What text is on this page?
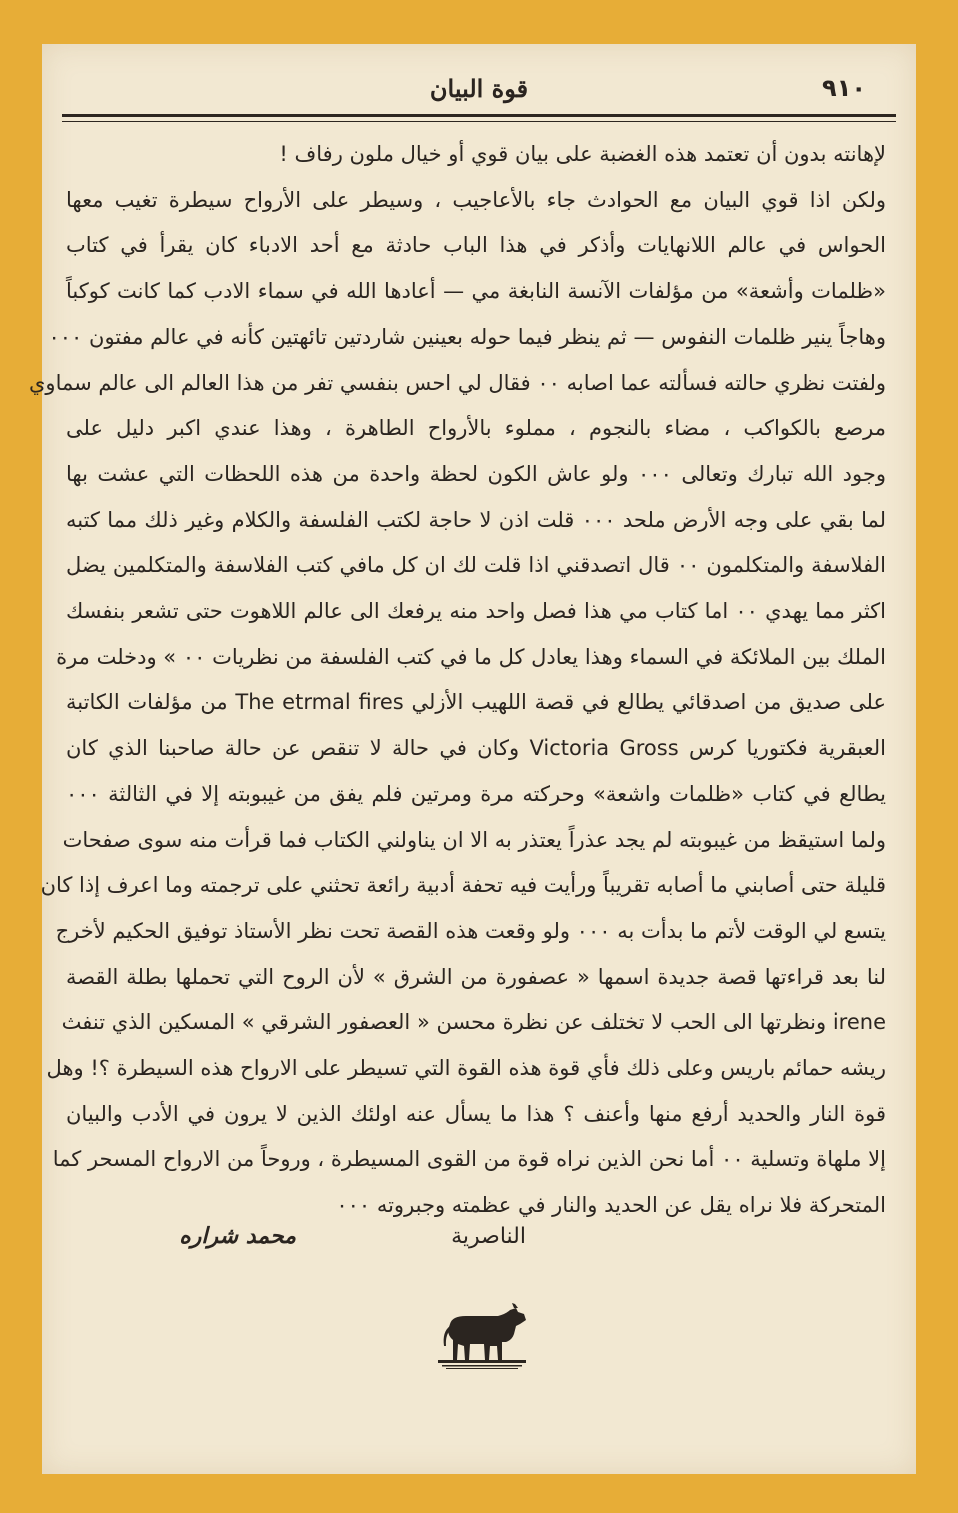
٩١٠
قوة البيان
لإهانته بدون أن تعتمد هذه الغضبة على بيان قوي أو خيال ملون رفاف !
ولكن اذا قوي البيان مع الحوادث جاء بالأعاجيب ، وسيطر على الأرواح سيطرة تغيب معها
الحواس في عالم اللانهايات وأذكر في هذا الباب حادثة مع أحد الادباء كان يقرأ في كتاب
«ظلمات وأشعة» من مؤلفات الآنسة النابغة مي — أعادها الله في سماء الادب كما كانت كوكباً
وهاجاً ينير ظلمات النفوس — ثم ينظر فيما حوله بعينين شاردتين تائهتين كأنه في عالم مفتون ٠٠٠
ولفتت نظري حالته فسألته عما اصابه ٠٠ فقال لي احس بنفسي تفر من هذا العالم الى عالم سماوي
مرصع بالكواكب ، مضاء بالنجوم ، مملوء بالأرواح الطاهرة ، وهذا عندي اكبر دليل على
وجود الله تبارك وتعالى ٠٠٠ ولو عاش الكون لحظة واحدة من هذه اللحظات التي عشت بها
لما بقي على وجه الأرض ملحد ٠٠٠ قلت اذن لا حاجة لكتب الفلسفة والكلام وغير ذلك مما كتبه
الفلاسفة والمتكلمون ٠٠ قال اتصدقني اذا قلت لك ان كل مافي كتب الفلاسفة والمتكلمين يضل
اكثر مما يهدي ٠٠ اما كتاب مي هذا فصل واحد منه يرفعك الى عالم اللاهوت حتى تشعر بنفسك
الملك بين الملائكة في السماء وهذا يعادل كل ما في كتب الفلسفة من نظريات ٠٠ » ودخلت مرة
على صديق من اصدقائي يطالع في قصة اللهيب الأزلي The etrmal fires من مؤلفات الكاتبة
العبقرية فكتوريا كرس Victoria Gross وكان في حالة لا تنقص عن حالة صاحبنا الذي كان
يطالع في كتاب «ظلمات واشعة» وحركته مرة ومرتين فلم يفق من غيبوبته إلا في الثالثة ٠٠٠
ولما استيقظ من غيبوبته لم يجد عذراً يعتذر به الا ان يناولني الكتاب فما قرأت منه سوى صفحات
قليلة حتى أصابني ما أصابه تقريباً ورأيت فيه تحفة أدبية رائعة تحثني على ترجمته وما اعرف إذا كان
يتسع لي الوقت لأتم ما بدأت به ٠٠٠ ولو وقعت هذه القصة تحت نظر الأستاذ توفيق الحكيم لأخرج
لنا بعد قراءتها قصة جديدة اسمها « عصفورة من الشرق » لأن الروح التي تحملها بطلة القصة
irene ونظرتها الى الحب لا تختلف عن نظرة محسن « العصفور الشرقي » المسكين الذي تنفث
ريشه حمائم باريس وعلى ذلك فأي قوة هذه القوة التي تسيطر على الارواح هذه السيطرة ؟! وهل
قوة النار والحديد أرفع منها وأعنف ؟ هذا ما يسأل عنه اولئك الذين لا يرون في الأدب والبيان
إلا ملهاة وتسلية ٠٠ أما نحن الذين نراه قوة من القوى المسيطرة ، وروحاً من الارواح المسحر كما
المتحركة فلا نراه يقل عن الحديد والنار في عظمته وجبروته ٠٠٠
الناصرية
محمد شراره
